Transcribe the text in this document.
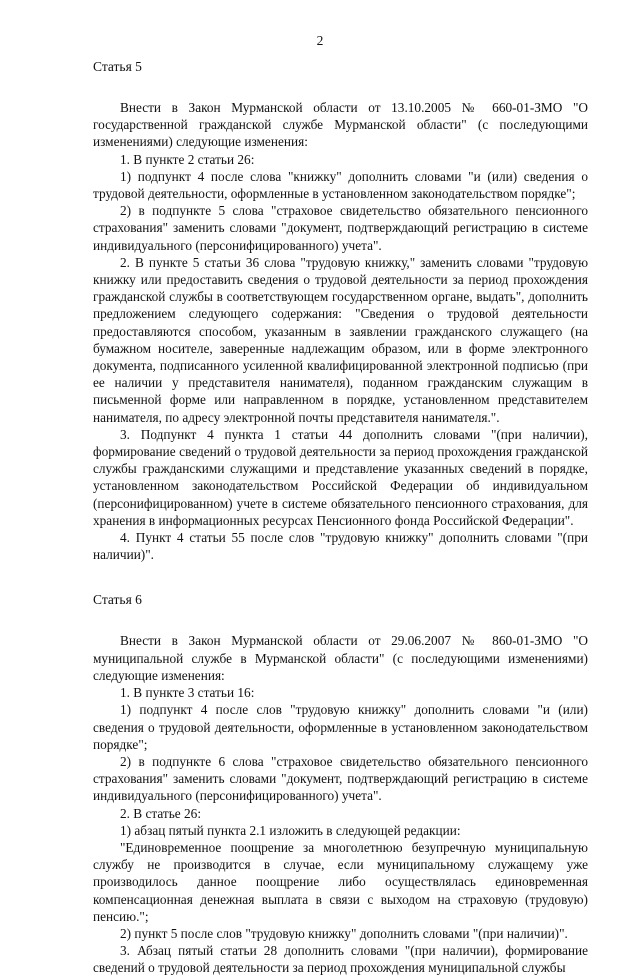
2

Статья 5

Внести в Закон Мурманской области от 13.10.2005 № 660-01-ЗМО "О государственной гражданской службе Мурманской области" (с последующими изменениями) следующие изменения:

1. В пункте 2 статьи 26:

1) подпункт 4 после слова "книжку" дополнить словами "и (или) сведения о трудовой деятельности, оформленные в установленном законодательством порядке";

2) в подпункте 5 слова "страховое свидетельство обязательного пенсионного страхования" заменить словами "документ, подтверждающий регистрацию в системе индивидуального (персонифицированного) учета".

2. В пункте 5 статьи 36 слова "трудовую книжку," заменить словами "трудовую книжку или предоставить сведения о трудовой деятельности за период прохождения гражданской службы в соответствующем государственном органе, выдать", дополнить предложением следующего содержания: "Сведения о трудовой деятельности предоставляются способом, указанным в заявлении гражданского служащего (на бумажном носителе, заверенные надлежащим образом, или в форме электронного документа, подписанного усиленной квалифицированной электронной подписью (при ее наличии у представителя нанимателя), поданном гражданским служащим в письменной форме или направленном в порядке, установленном представителем нанимателя, по адресу электронной почты представителя нанимателя.".

3. Подпункт 4 пункта 1 статьи 44 дополнить словами "(при наличии), формирование сведений о трудовой деятельности за период прохождения гражданской службы гражданскими служащими и представление указанных сведений в порядке, установленном законодательством Российской Федерации об индивидуальном (персонифицированном) учете в системе обязательного пенсионного страхования, для хранения в информационных ресурсах Пенсионного фонда Российской Федерации".

4. Пункт 4 статьи 55 после слов "трудовую книжку" дополнить словами "(при наличии)".

Статья 6

Внести в Закон Мурманской области от 29.06.2007 № 860-01-ЗМО "О муниципальной службе в Мурманской области" (с последующими изменениями) следующие изменения:

1. В пункте 3 статьи 16:

1) подпункт 4 после слов "трудовую книжку" дополнить словами "и (или) сведения о трудовой деятельности, оформленные в установленном законодательством порядке";

2) в подпункте 6 слова "страховое свидетельство обязательного пенсионного страхования" заменить словами "документ, подтверждающий регистрацию в системе индивидуального (персонифицированного) учета".

2. В статье 26:

1) абзац пятый пункта 2.1 изложить в следующей редакции:

"Единовременное поощрение за многолетнюю безупречную муниципальную службу не производится в случае, если муниципальному служащему уже производилось данное поощрение либо осуществлялась единовременная компенсационная денежная выплата в связи с выходом на страховую (трудовую) пенсию.";

2) пункт 5 после слов "трудовую книжку" дополнить словами "(при наличии)".

3. Абзац пятый статьи 28 дополнить словами "(при наличии), формирование сведений о трудовой деятельности за период прохождения муниципальной службы
